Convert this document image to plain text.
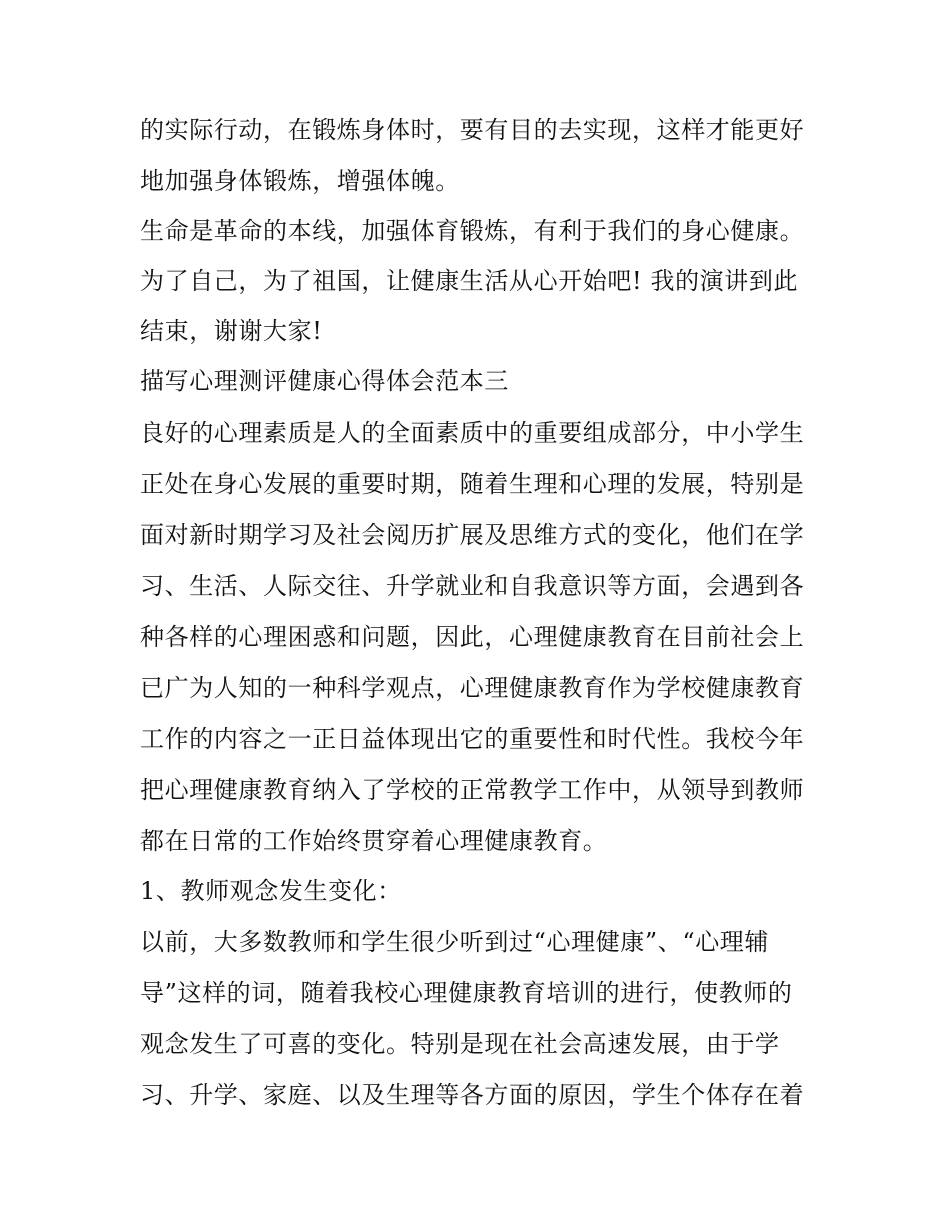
的实际行动，在锻炼身体时，要有目的去实现，这样才能更好
地加强身体锻炼，增强体魄。
生命是革命的本线，加强体育锻炼，有利于我们的身心健康。
为了自己，为了祖国，让健康生活从心开始吧! 我的演讲到此
结束，谢谢大家!
描写心理测评健康心得体会范本三
良好的心理素质是人的全面素质中的重要组成部分，中小学生
正处在身心发展的重要时期，随着生理和心理的发展，特别是
面对新时期学习及社会阅历扩展及思维方式的变化，他们在学
习、生活、人际交往、升学就业和自我意识等方面，会遇到各
种各样的心理困惑和问题，因此，心理健康教育在目前社会上
已广为人知的一种科学观点，心理健康教育作为学校健康教育
工作的内容之一正日益体现出它的重要性和时代性。我校今年
把心理健康教育纳入了学校的正常教学工作中，从领导到教师
都在日常的工作始终贯穿着心理健康教育。
1、教师观念发生变化：
以前，大多数教师和学生很少听到过“心理健康”、“心理辅
导”这样的词，随着我校心理健康教育培训的进行，使教师的
观念发生了可喜的变化。特别是现在社会高速发展，由于学
习、升学、家庭、以及生理等各方面的原因，学生个体存在着
